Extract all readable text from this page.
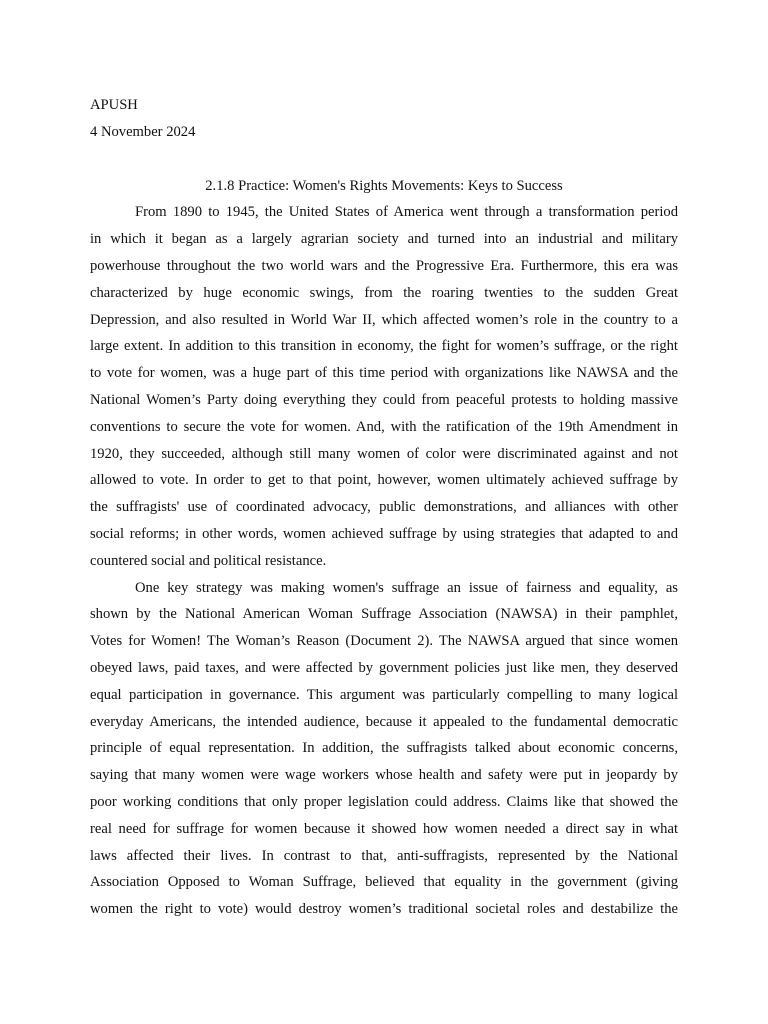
APUSH

4 November 2024

2.1.8 Practice: Women's Rights Movements: Keys to Success

From 1890 to 1945, the United States of America went through a transformation period
in which it began as a largely agrarian society and turned into an industrial and military
powerhouse throughout the two world wars and the Progressive Era. Furthermore, this era was
characterized by huge economic swings, from the roaring twenties to the sudden Great
Depression, and also resulted in World War II, which affected women’s role in the country to a
large extent. In addition to this transition in economy, the fight for women’s suffrage, or the right
to vote for women, was a huge part of this time period with organizations like NAWSA and the
National Women’s Party doing everything they could from peaceful protests to holding massive
conventions to secure the vote for women. And, with the ratification of the 19th Amendment in
1920, they succeeded, although still many women of color were discriminated against and not
allowed to vote. In order to get to that point, however, women ultimately achieved suffrage by
the suffragists' use of coordinated advocacy, public demonstrations, and alliances with other
social reforms; in other words, women achieved suffrage by using strategies that adapted to and
countered social and political resistance.

One key strategy was making women's suffrage an issue of fairness and equality, as
shown by the National American Woman Suffrage Association (NAWSA) in their pamphlet,
Votes for Women! The Woman’s Reason (Document 2). The NAWSA argued that since women
obeyed laws, paid taxes, and were affected by government policies just like men, they deserved
equal participation in governance. This argument was particularly compelling to many logical
everyday Americans, the intended audience, because it appealed to the fundamental democratic
principle of equal representation. In addition, the suffragists talked about economic concerns,
saying that many women were wage workers whose health and safety were put in jeopardy by
poor working conditions that only proper legislation could address. Claims like that showed the
real need for suffrage for women because it showed how women needed a direct say in what
laws affected their lives. In contrast to that, anti-suffragists, represented by the National
Association Opposed to Woman Suffrage, believed that equality in the government (giving
women the right to vote) would destroy women’s traditional societal roles and destabilize the
